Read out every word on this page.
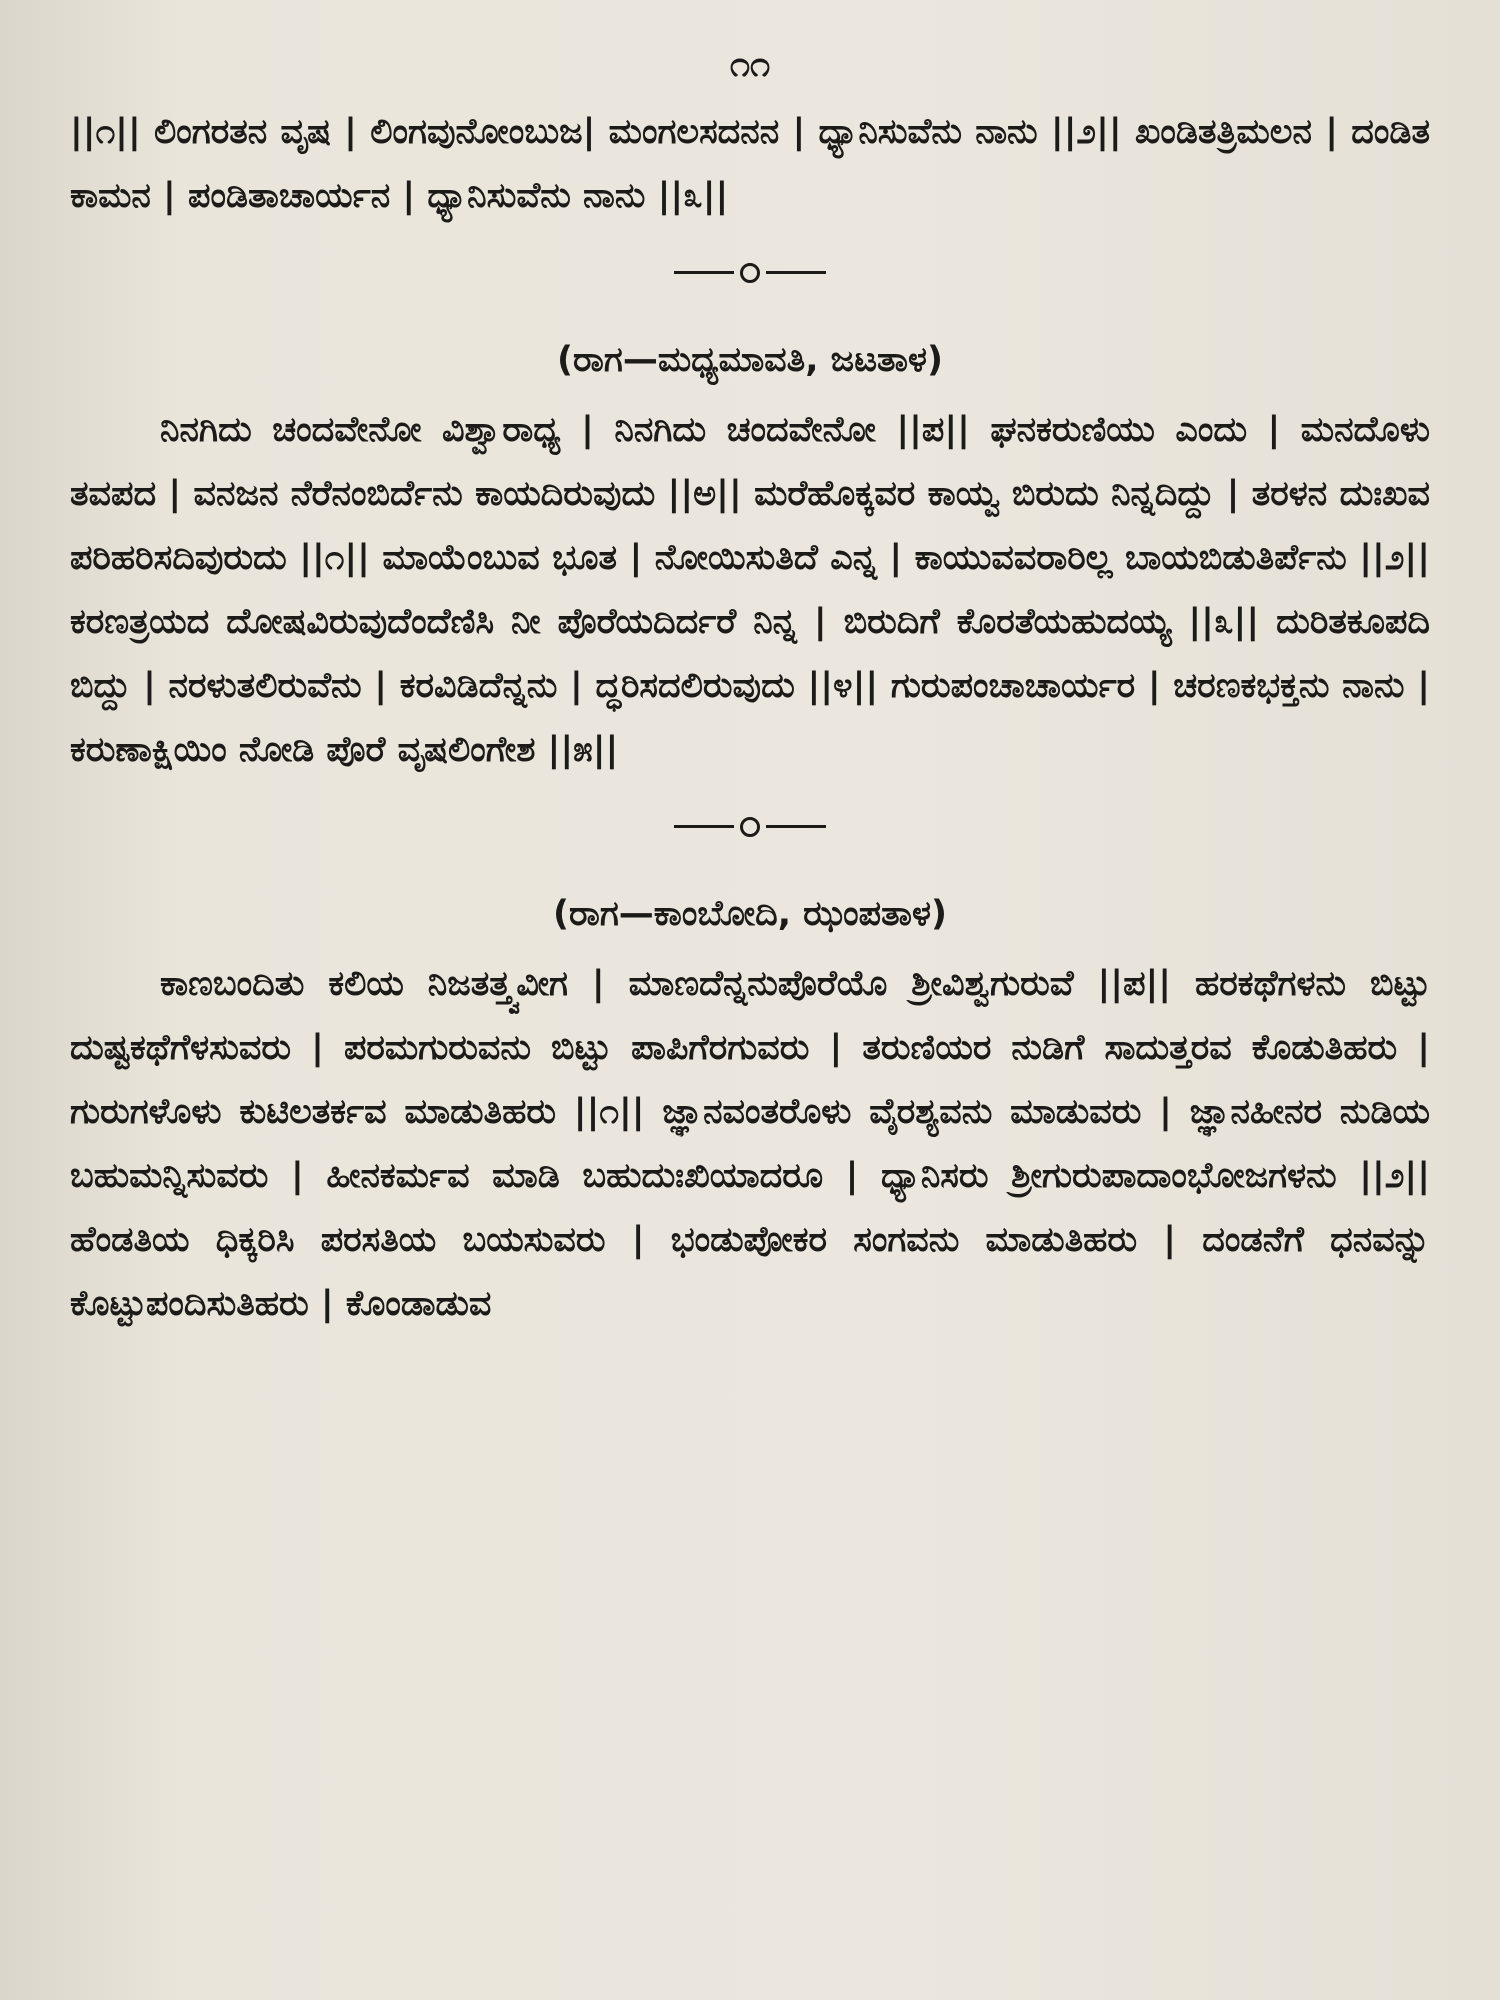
೧೧

||೧|| ಲಿಂಗರತನ ವೃಷ | ಲಿಂಗವುನೋಂಬುಜ| ಮಂಗಲಸದನನ | ಧ್ಯಾನಿಸುವೆನು ನಾನು ||೨|| ಖಂಡಿತತ್ರಿಮಲನ | ದಂಡಿತ ಕಾಮನ | ಪಂಡಿತಾಚಾರ್ಯನ | ಧ್ಯಾನಿಸುವೆನು ನಾನು ||೩||

(ರಾಗ—ಮಧ್ಯಮಾವತಿ, ಜಟತಾಳ)

ನಿನಗಿದು ಚಂದವೇನೋ ವಿಶ್ವಾರಾಧ್ಯ | ನಿನಗಿದು ಚಂದವೇನೋ ||ಪ|| ಘನಕರುಣಿಯು ಎಂದು | ಮನದೊಳು ತವಪದ | ವನಜನ ನೆರೆನಂಬಿರ್ದೆನು ಕಾಯದಿರುವುದು ||ಅ|| ಮರೆಹೊಕ್ಕವರ ಕಾಯ್ವ ಬಿರುದು ನಿನ್ನದಿದ್ದು | ತರಳನ ದುಃಖವ ಪರಿಹರಿಸದಿವುರುದು ||೧|| ಮಾಯೆಂಬುವ ಭೂತ | ನೋಯಿಸುತಿದೆ ಎನ್ನ | ಕಾಯುವವರಾರಿಲ್ಲ ಬಾಯಬಿಡುತಿರ್ಪೆನು ||೨|| ಕರಣತ್ರಯದ ದೋಷವಿರುವುದೆಂದೆಣಿಸಿ ನೀ ಪೊರೆಯದಿರ್ದರೆ ನಿನ್ನ | ಬಿರುದಿಗೆ ಕೊರತೆಯಹುದಯ್ಯ ||೩|| ದುರಿತಕೂಪದಿ ಬಿದ್ದು | ನರಳುತಲಿರುವೆನು | ಕರವಿಡಿದೆನ್ನನು | ದ್ಧರಿಸದಲಿರುವುದು ||೪|| ಗುರುಪಂಚಾಚಾರ್ಯರ | ಚರಣಕಭಕ್ತನು ನಾನು | ಕರುಣಾಕ್ಷಿಯಿಂ ನೋಡಿ ಪೊರೆ ವೃಷಲಿಂಗೇಶ ||೫||

(ರಾಗ—ಕಾಂಬೋದಿ, ಝಂಪತಾಳ)

ಕಾಣಬಂದಿತು ಕಲಿಯ ನಿಜತತ್ತ್ವವೀಗ | ಮಾಣದೆನ್ನನುಪೊರೆಯೊ ಶ್ರೀವಿಶ್ವಗುರುವೆ ||ಪ|| ಹರಕಥೆಗಳನು ಬಿಟ್ಟು ದುಷ್ಟಕಥೆಗೆಳಸುವರು | ಪರಮಗುರುವನು ಬಿಟ್ಟು ಪಾಪಿಗೆರಗುವರು | ತರುಣಿಯರ ನುಡಿಗೆ ಸಾದುತ್ತರವ ಕೊಡುತಿಹರು | ಗುರುಗಳೊಳು ಕುಟಿಲತರ್ಕವ ಮಾಡುತಿಹರು ||೧|| ಜ್ಞಾನವಂತರೊಳು ವೈರಶ್ಯವನು ಮಾಡುವರು | ಜ್ಞಾನಹೀನರ ನುಡಿಯ ಬಹುಮನ್ನಿಸುವರು | ಹೀನಕರ್ಮವ ಮಾಡಿ ಬಹುದುಃಖಿಯಾದರೂ | ಧ್ಯಾನಿಸರು ಶ್ರೀಗುರುಪಾದಾಂಭೋಜಗಳನು ||೨|| ಹೆಂಡತಿಯ ಧಿಕ್ಕರಿಸಿ ಪರಸತಿಯ ಬಯಸುವರು | ಭಂಡುಪೋಕರ ಸಂಗವನು ಮಾಡುತಿಹರು | ದಂಡನೆಗೆ ಧನವನ್ನು ಕೊಟ್ಟುಪಂದಿಸುತಿಹರು | ಕೊಂಡಾಡುವ
